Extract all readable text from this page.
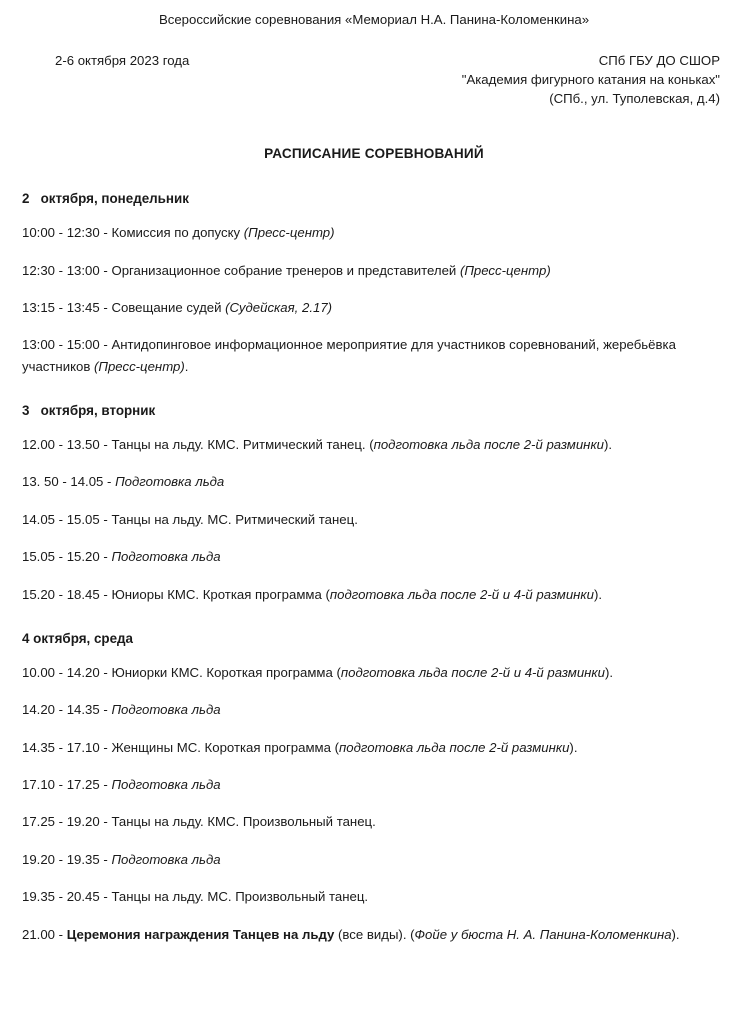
Всероссийские соревнования «Мемориал Н.А. Панина-Коломенкина»
2-6 октября 2023 года	СПб ГБУ ДО СШОР
"Академия фигурного катания на коньках"
(СПб., ул. Туполевская, д.4)
РАСПИСАНИЕ СОРЕВНОВАНИЙ
2   октября, понедельник
10:00 - 12:30 - Комиссия по допуску (Пресс-центр)
12:30 - 13:00 - Организационное собрание тренеров и представителей (Пресс-центр)
13:15 - 13:45 - Совещание судей (Судейская, 2.17)
13:00 - 15:00 - Антидопинговое информационное мероприятие для участников соревнований, жеребьёвка участников (Пресс-центр).
3   октября, вторник
12.00 - 13.50 - Танцы на льду. КМС. Ритмический танец. (подготовка льда после 2-й разминки).
13. 50 - 14.05 - Подготовка льда
14.05 - 15.05 - Танцы на льду. МС. Ритмический танец.
15.05 - 15.20 - Подготовка льда
15.20 - 18.45 - Юниоры КМС. Кроткая программа (подготовка льда после 2-й и 4-й разминки).
4 октября, среда
10.00 - 14.20 - Юниорки КМС. Короткая программа (подготовка льда после 2-й и 4-й разминки).
14.20 - 14.35 - Подготовка льда
14.35 - 17.10 - Женщины МС. Короткая программа (подготовка льда после 2-й разминки).
17.10 - 17.25 - Подготовка льда
17.25 - 19.20 - Танцы на льду. КМС. Произвольный танец.
19.20 - 19.35 - Подготовка льда
19.35 - 20.45 - Танцы на льду. МС. Произвольный танец.
21.00 - Церемония награждения Танцев на льду (все виды). (Фойе у бюста Н. А. Панина-Коломенкина).
